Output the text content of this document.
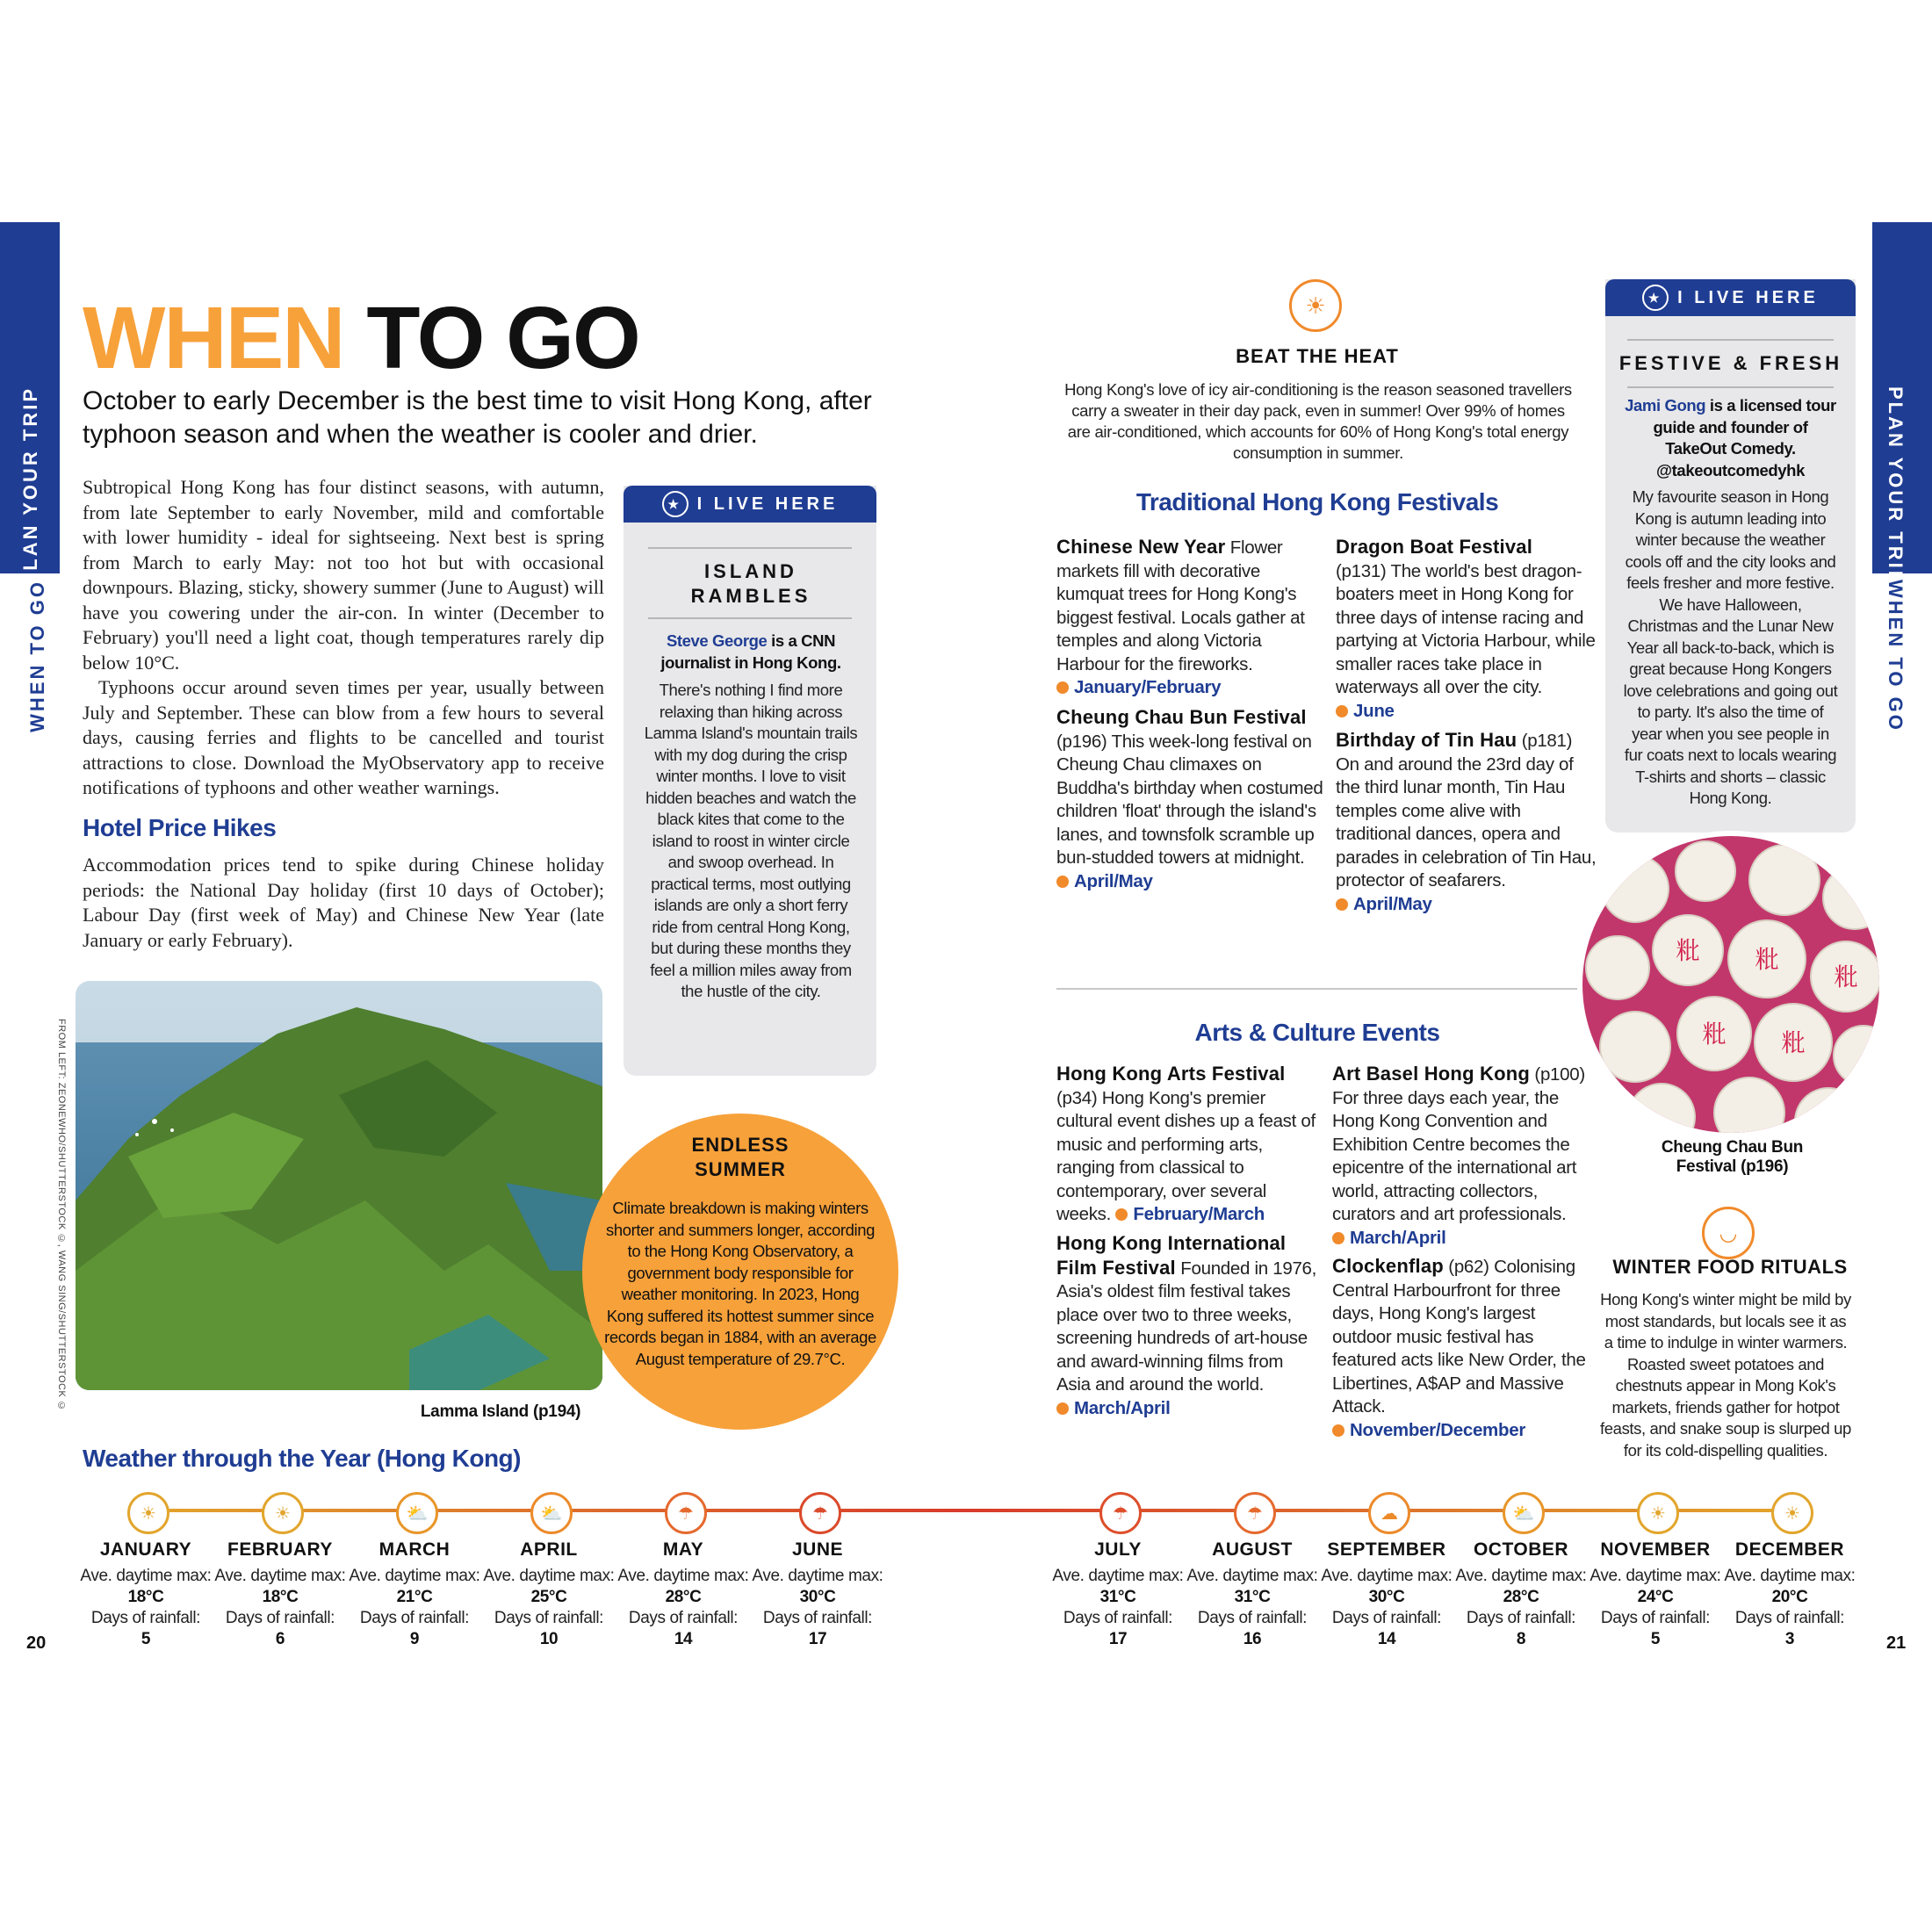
PLAN YOUR TRIP
WHEN TO GO
PLAN YOUR TRIP
WHEN TO GO
WHEN TO GO
October to early December is the best time to visit Hong Kong, after typhoon season and when the weather is cooler and drier.

Subtropical Hong Kong has four distinct seasons, with autumn, from late September to early November, mild and comfortable with lower humidity - ideal for sightseeing. Next best is spring from March to early May: not too hot but with occasional downpours. Blazing, sticky, showery summer (June to August) will have you cowering under the air-con. In winter (December to February) you'll need a light coat, though temperatures rarely dip below 10°C.

Typhoons occur around seven times per year, usually between July and September. These can blow from a few hours to several days, causing ferries and flights to be cancelled and tourist attractions to close. Download the MyObservatory app to receive notifications of typhoons and other weather warnings.

Hotel Price Hikes
Accommodation prices tend to spike during Chinese holiday periods: the National Day holiday (first 10 days of October); Labour Day (first week of May) and Chinese New Year (late January or early February).
★ I LIVE HERE
ISLAND RAMBLES
Steve George is a CNN journalist in Hong Kong.
There's nothing I find more relaxing than hiking across Lamma Island's mountain trails with my dog during the crisp winter months. I love to visit hidden beaches and watch the black kites that come to the island to roost in winter circle and swoop overhead. In practical terms, most outlying islands are only a short ferry ride from central Hong Kong, but during these months they feel a million miles away from the hustle of the city.
FROM LEFT: ZEONEWHO/SHUTTERSTOCK ©, WANG SING/SHUTTERSTOCK ©
Lamma Island (p194)
ENDLESS SUMMER
Climate breakdown is making winters shorter and summers longer, according to the Hong Kong Observatory, a government body responsible for weather monitoring. In 2023, Hong Kong suffered its hottest summer since records began in 1884, with an average August temperature of 29.7°C.
☀
BEAT THE HEAT
Hong Kong's love of icy air-conditioning is the reason seasoned travellers carry a sweater in their day pack, even in summer! Over 99% of homes are air-conditioned, which accounts for 60% of Hong Kong's total energy consumption in summer.
Traditional Hong Kong Festivals
Chinese New Year Flower markets fill with decorative kumquat trees for Hong Kong's biggest festival. Locals gather at temples and along Victoria Harbour for the fireworks.
January/February
Cheung Chau Bun Festival
(p196) This week-long festival on Cheung Chau climaxes on Buddha's birthday when costumed children 'float' through the island's lanes, and townsfolk scramble up bun-studded towers at midnight.
April/May
Dragon Boat Festival
(p131) The world's best dragon-boaters meet in Hong Kong for three days of intense racing and partying at Victoria Harbour, while smaller races take place in waterways all over the city.
June
Birthday of Tin Hau (p181)
On and around the 23rd day of the third lunar month, Tin Hau temples come alive with traditional dances, opera and parades in celebration of Tin Hau, protector of seafarers.
April/May
Arts & Culture Events
Hong Kong Arts Festival
(p34) Hong Kong's premier cultural event dishes up a feast of music and performing arts, ranging from classical to contemporary, over several weeks. February/March
Hong Kong International Film Festival Founded in 1976, Asia's oldest film festival takes place over two to three weeks, screening hundreds of art-house and award-winning films from Asia and around the world.
March/April
Art Basel Hong Kong (p100)
For three days each year, the Hong Kong Convention and Exhibition Centre becomes the epicentre of the international art world, attracting collectors, curators and art professionals.
March/April
Clockenflap (p62) Colonising Central Harbourfront for three days, Hong Kong's largest outdoor music festival has featured acts like New Order, the Libertines, A$AP and Massive Attack.
November/December
★ I LIVE HERE
FESTIVE & FRESH
Jami Gong is a licensed tour guide and founder of TakeOut Comedy. @takeoutcomedyhk
My favourite season in Hong Kong is autumn leading into winter because the weather cools off and the city looks and feels fresher and more festive. We have Halloween, Christmas and the Lunar New Year all back-to-back, which is great because Hong Kongers love celebrations and going out to party. It's also the time of year when you see people in fur coats next to locals wearing T-shirts and shorts – classic Hong Kong.
粃 粃
粃 粃
粃
Cheung Chau Bun Festival (p196)
◡
WINTER FOOD RITUALS
Hong Kong's winter might be mild by most standards, but locals see it as a time to indulge in winter warmers. Roasted sweet potatoes and chestnuts appear in Mong Kok's markets, friends gather for hotpot feasts, and snake soup is slurped up for its cold-dispelling qualities.
Weather through the Year (Hong Kong)
☀
JANUARY
Ave. daytime max: 18°C
Days of rainfall:
5
☀
FEBRUARY
Ave. daytime max: 18°C
Days of rainfall:
6
⛅
MARCH
Ave. daytime max: 21°C
Days of rainfall:
9
⛅
APRIL
Ave. daytime max: 25°C
Days of rainfall:
10
☂
MAY
Ave. daytime max: 28°C
Days of rainfall:
14
☂
JUNE
Ave. daytime max: 30°C
Days of rainfall:
17
☂
JULY
Ave. daytime max: 31°C
Days of rainfall:
17
☂
AUGUST
Ave. daytime max: 31°C
Days of rainfall:
16
☁
SEPTEMBER
Ave. daytime max: 30°C
Days of rainfall:
14
⛅
OCTOBER
Ave. daytime max: 28°C
Days of rainfall:
8
☀
NOVEMBER
Ave. daytime max: 24°C
Days of rainfall:
5
☀
DECEMBER
Ave. daytime max: 20°C
Days of rainfall:
3
20	21
